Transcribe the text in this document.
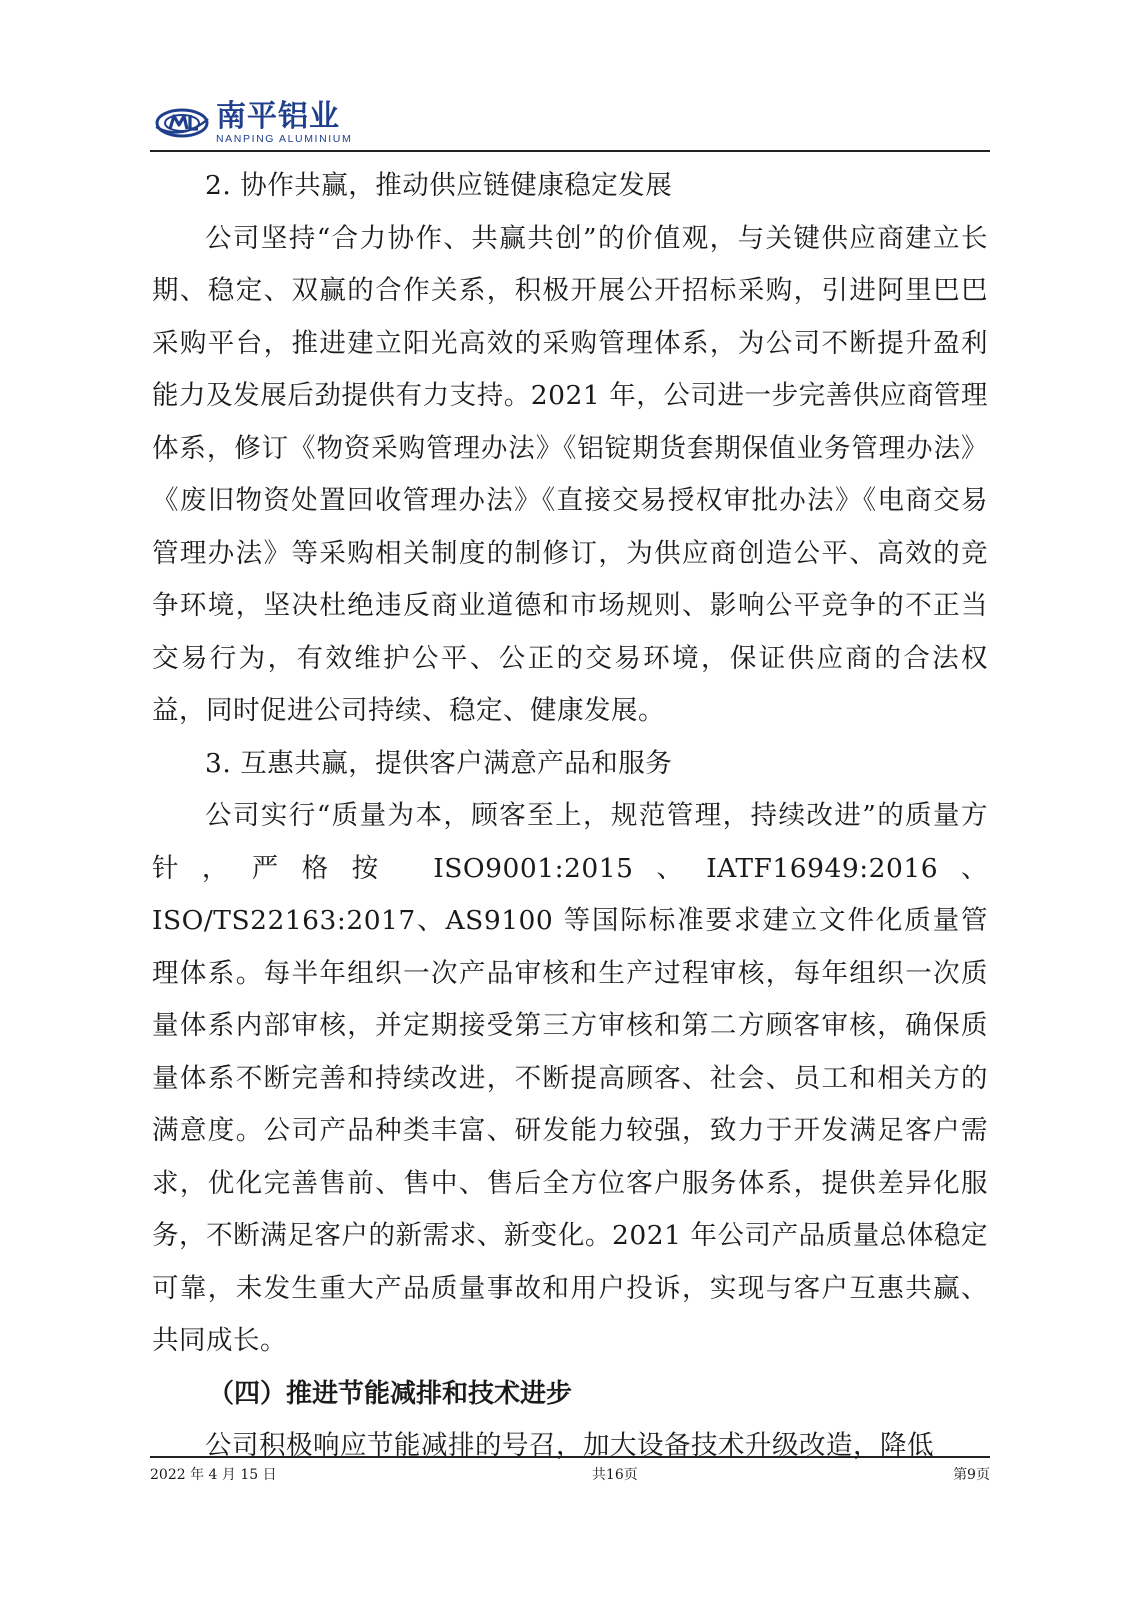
南平铝业
NANPING ALUMINIUM

2. 协作共赢，推动供应链健康稳定发展

公司坚持“合力协作、共赢共创”的价值观，与关键供应商建立长期、稳定、双赢的合作关系，积极开展公开招标采购，引进阿里巴巴采购平台，推进建立阳光高效的采购管理体系，为公司不断提升盈利能力及发展后劲提供有力支持。2021 年，公司进一步完善供应商管理体系，修订《物资采购管理办法》《铝锭期货套期保值业务管理办法》《废旧物资处置回收管理办法》《直接交易授权审批办法》《电商交易管理办法》等采购相关制度的制修订，为供应商创造公平、高效的竞争环境，坚决杜绝违反商业道德和市场规则、影响公平竞争的不正当交易行为，有效维护公平、公正的交易环境，保证供应商的合法权益，同时促进公司持续、稳定、健康发展。

3. 互惠共赢，提供客户满意产品和服务

公司实行“质量为本，顾客至上，规范管理，持续改进”的质量方针，严格按 ISO9001:2015、IATF16949:2016、ISO/TS22163:2017、AS9100 等国际标准要求建立文件化质量管理体系。每半年组织一次产品审核和生产过程审核，每年组织一次质量体系内部审核，并定期接受第三方审核和第二方顾客审核，确保质量体系不断完善和持续改进，不断提高顾客、社会、员工和相关方的满意度。公司产品种类丰富、研发能力较强，致力于开发满足客户需求，优化完善售前、售中、售后全方位客户服务体系，提供差异化服务，不断满足客户的新需求、新变化。2021 年公司产品质量总体稳定可靠，未发生重大产品质量事故和用户投诉，实现与客户互惠共赢、共同成长。

（四）推进节能减排和技术进步

公司积极响应节能减排的号召，加大设备技术升级改造，降低

2022 年 4 月 15 日	共16页	第9页
